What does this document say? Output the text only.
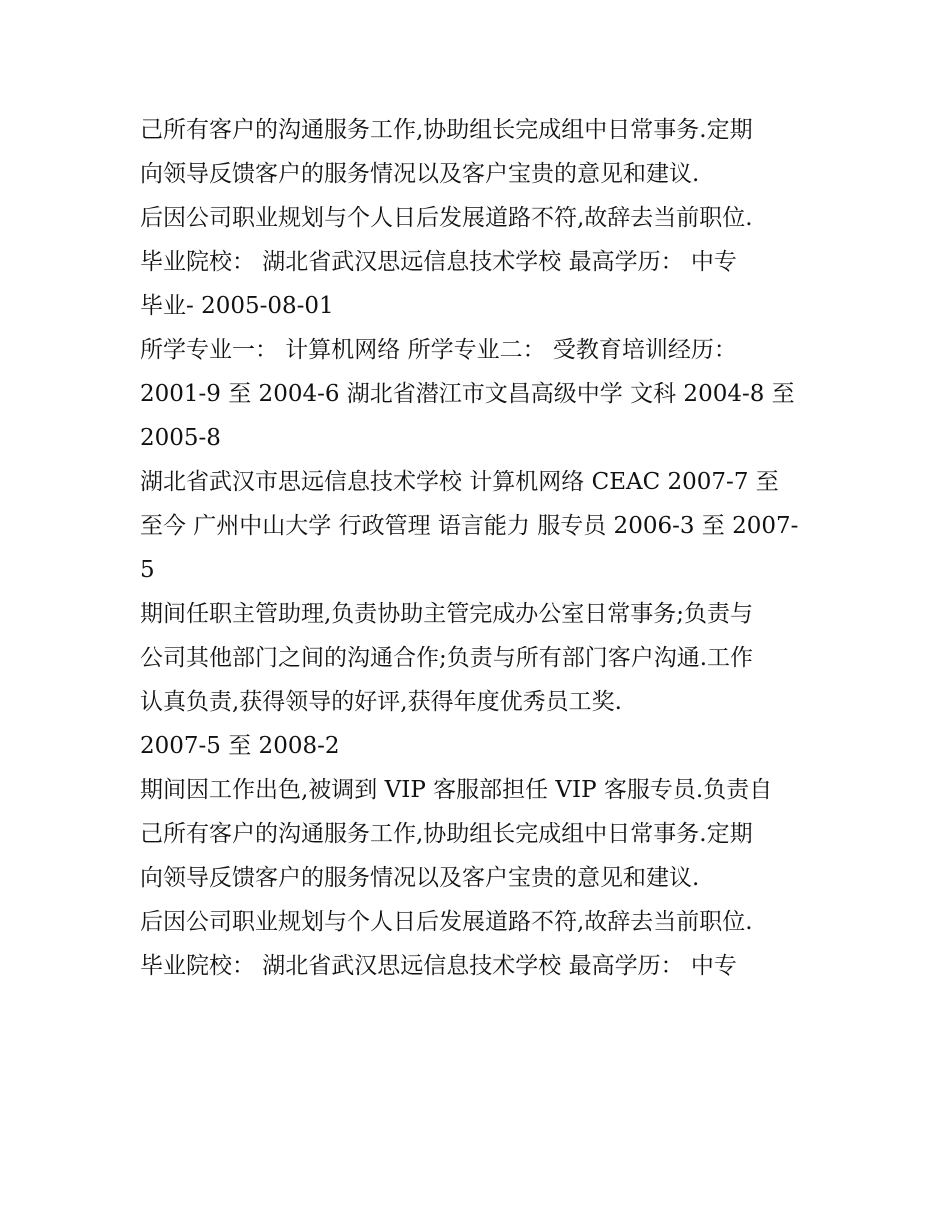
己所有客户的沟通服务工作,协助组长完成组中日常事务.定期
向领导反馈客户的服务情况以及客户宝贵的意见和建议.
后因公司职业规划与个人日后发展道路不符,故辞去当前职位.
毕业院校： 湖北省武汉思远信息技术学校 最高学历： 中专
毕业- 2005-08-01
所学专业一： 计算机网络 所学专业二： 受教育培训经历：
2001-9 至 2004-6 湖北省潜江市文昌高级中学 文科 2004-8 至
2005-8
湖北省武汉市思远信息技术学校 计算机网络 CEAC 2007-7 至
至今 广州中山大学 行政管理 语言能力 服专员 2006-3 至 2007-
5
期间任职主管助理,负责协助主管完成办公室日常事务;负责与
公司其他部门之间的沟通合作;负责与所有部门客户沟通.工作
认真负责,获得领导的好评,获得年度优秀员工奖.
2007-5 至 2008-2
期间因工作出色,被调到 VIP 客服部担任 VIP 客服专员.负责自
己所有客户的沟通服务工作,协助组长完成组中日常事务.定期
向领导反馈客户的服务情况以及客户宝贵的意见和建议.
后因公司职业规划与个人日后发展道路不符,故辞去当前职位.
毕业院校： 湖北省武汉思远信息技术学校 最高学历： 中专
